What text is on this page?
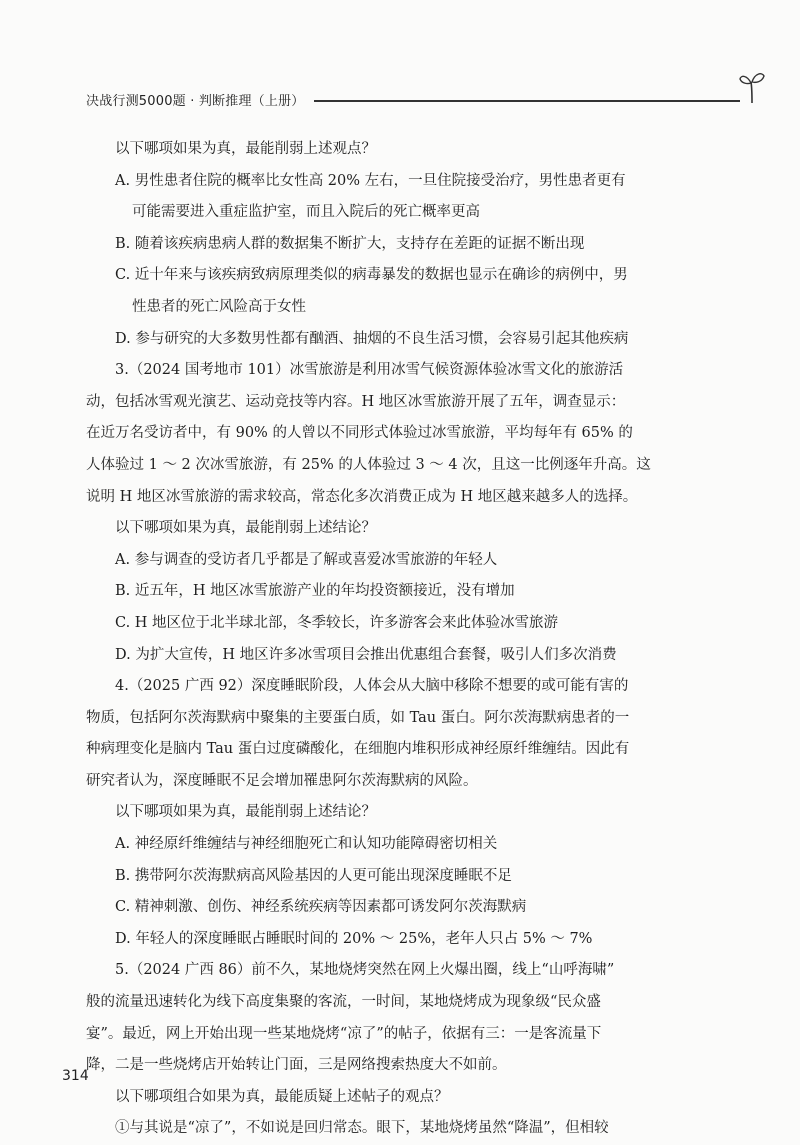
决战行测5000题 · 判断推理（上册）
以下哪项如果为真，最能削弱上述观点？
A. 男性患者住院的概率比女性高 20% 左右，一旦住院接受治疗，男性患者更有
可能需要进入重症监护室，而且入院后的死亡概率更高
B. 随着该疾病患病人群的数据集不断扩大，支持存在差距的证据不断出现
C. 近十年来与该疾病致病原理类似的病毒暴发的数据也显示在确诊的病例中，男
性患者的死亡风险高于女性
D. 参与研究的大多数男性都有酗酒、抽烟的不良生活习惯，会容易引起其他疾病
3.（2024 国考地市 101）冰雪旅游是利用冰雪气候资源体验冰雪文化的旅游活
动，包括冰雪观光演艺、运动竞技等内容。H 地区冰雪旅游开展了五年，调查显示：
在近万名受访者中，有 90% 的人曾以不同形式体验过冰雪旅游，平均每年有 65% 的
人体验过 1 ～ 2 次冰雪旅游，有 25% 的人体验过 3 ～ 4 次，且这一比例逐年升高。这
说明 H 地区冰雪旅游的需求较高，常态化多次消费正成为 H 地区越来越多人的选择。
以下哪项如果为真，最能削弱上述结论？
A. 参与调查的受访者几乎都是了解或喜爱冰雪旅游的年轻人
B. 近五年，H 地区冰雪旅游产业的年均投资额接近，没有增加
C. H 地区位于北半球北部，冬季较长，许多游客会来此体验冰雪旅游
D. 为扩大宣传，H 地区许多冰雪项目会推出优惠组合套餐，吸引人们多次消费
4.（2025 广西 92）深度睡眠阶段，人体会从大脑中移除不想要的或可能有害的
物质，包括阿尔茨海默病中聚集的主要蛋白质，如 Tau 蛋白。阿尔茨海默病患者的一
种病理变化是脑内 Tau 蛋白过度磷酸化，在细胞内堆积形成神经原纤维缠结。因此有
研究者认为，深度睡眠不足会增加罹患阿尔茨海默病的风险。
以下哪项如果为真，最能削弱上述结论？
A. 神经原纤维缠结与神经细胞死亡和认知功能障碍密切相关
B. 携带阿尔茨海默病高风险基因的人更可能出现深度睡眠不足
C. 精神刺激、创伤、神经系统疾病等因素都可诱发阿尔茨海默病
D. 年轻人的深度睡眠占睡眠时间的 20% ～ 25%，老年人只占 5% ～ 7%
5.（2024 广西 86）前不久，某地烧烤突然在网上火爆出圈，线上“山呼海啸”
般的流量迅速转化为线下高度集聚的客流，一时间，某地烧烤成为现象级“民众盛
宴”。最近，网上开始出现一些某地烧烤“凉了”的帖子，依据有三：一是客流量下
降，二是一些烧烤店开始转让门面，三是网络搜索热度大不如前。
以下哪项组合如果为真，最能质疑上述帖子的观点？
①与其说是“凉了”，不如说是回归常态。眼下，某地烧烤虽然“降温”，但相较
314
